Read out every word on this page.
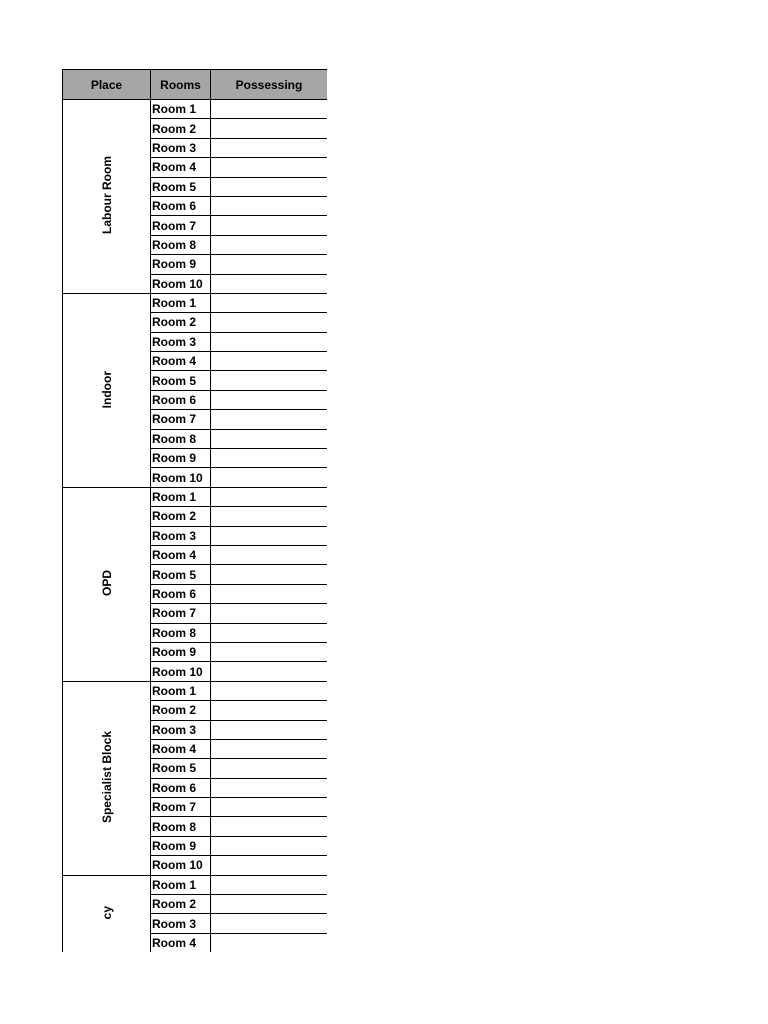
Place	Rooms	Possessing
Labour Room	Room 1	
	Room 2	
	Room 3	
	Room 4	
	Room 5	
	Room 6	
	Room 7	
	Room 8	
	Room 9	
	Room 10	
Indoor	Room 1	
	Room 2	
	Room 3	
	Room 4	
	Room 5	
	Room 6	
	Room 7	
	Room 8	
	Room 9	
	Room 10	
OPD	Room 1	
	Room 2	
	Room 3	
	Room 4	
	Room 5	
	Room 6	
	Room 7	
	Room 8	
	Room 9	
	Room 10	
Specialist Block	Room 1	
	Room 2	
	Room 3	
	Room 4	
	Room 5	
	Room 6	
	Room 7	
	Room 8	
	Room 9	
	Room 10	
cy	Room 1	
	Room 2	
	Room 3	
	Room 4	
